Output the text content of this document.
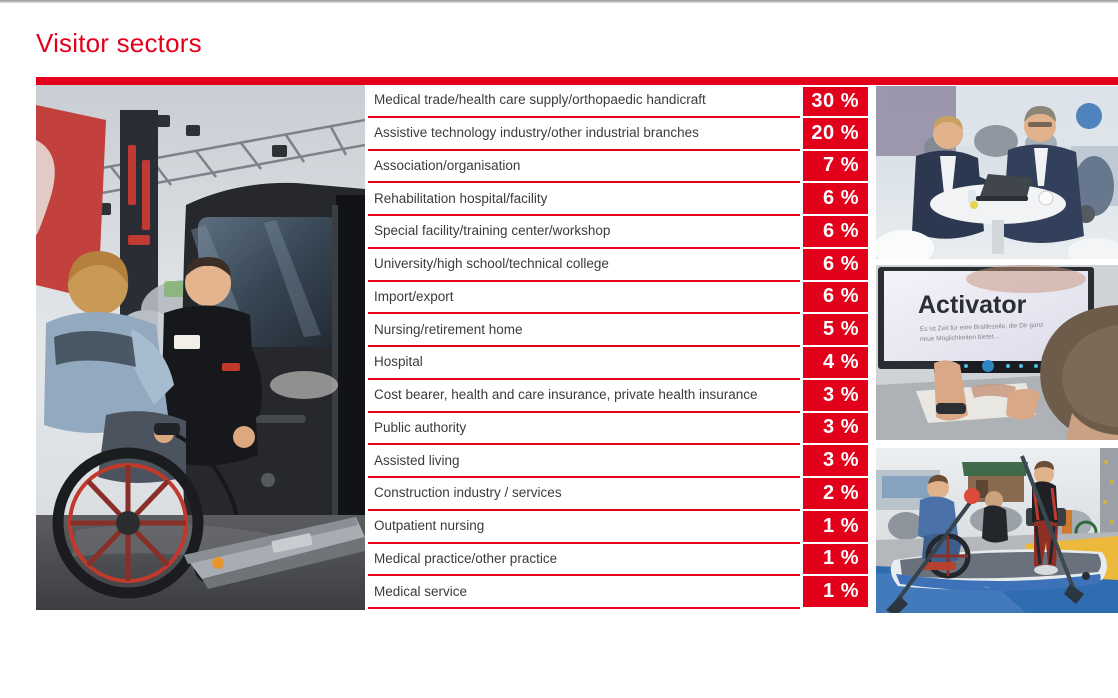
Visitor sectors
Medical trade/health care supply/orthopaedic handicraft	30 %
Assistive technology industry/other industrial branches	20 %
Association/organisation	7 %
Rehabilitation hospital/facility	6 %
Special facility/training center/workshop	6 %
University/high school/technical college	6 %
Import/export	6 %
Nursing/retirement home	5 %
Hospital	4 %
Cost bearer, health and care insurance, private health insurance	3 %
Public authority	3 %
Assisted living	3 %
Construction industry / services	2 %
Outpatient nursing	1 %
Medical practice/other practice	1 %
Medical service	1 %
Activator
Es ist Zeit für eine Braillezeile, die Dir ganz
neue Möglichkeiten bietet...
~
